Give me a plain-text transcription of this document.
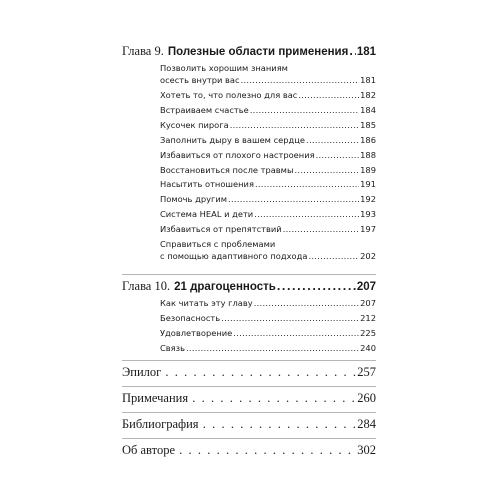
Глава 9. Полезные области применения ..... 181
Позволить хорошим знаниям
осесть внутри вас .....	181
Хотеть то, что полезно для вас .....	182
Встраиваем счастье .....	184
Кусочек пирога .....	185
Заполнить дыру в вашем сердце .....	186
Избавиться от плохого настроения .....	188
Восстановиться после травмы .....	189
Насытить отношения .....	191
Помочь другим .....	192
Система HEAL и дети .....	193
Избавиться от препятствий .....	197
Справиться с проблемами
с помощью адаптивного подхода .....	202
Глава 10. 21 драгоценность .....	207
Как читать эту главу .....	207
Безопасность .....	212
Удовлетворение .....	225
Связь .....	240
Эпилог . .	257
Примечания . .	260
Библиография . .	284
Об авторе . .	302
